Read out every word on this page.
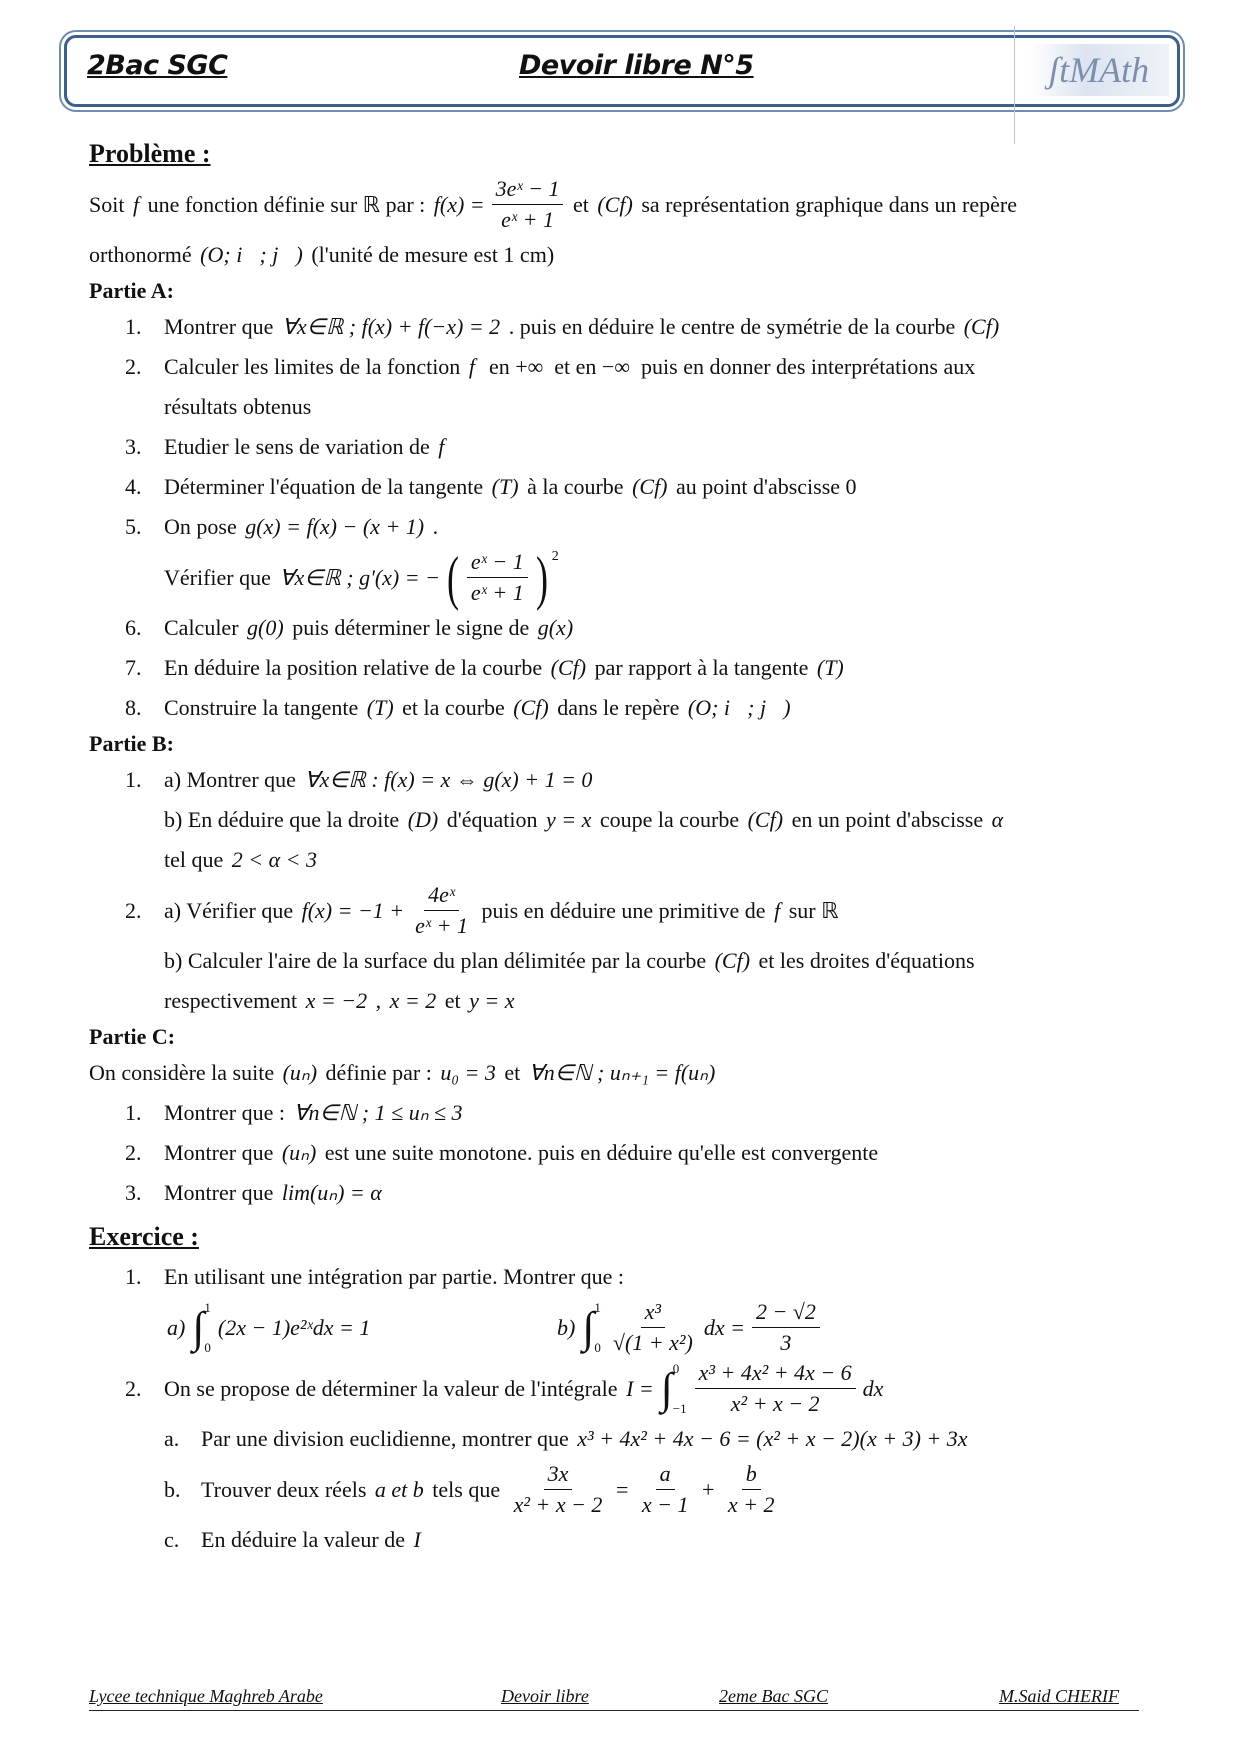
2Bac SGC	Devoir libre N°5	ʃtMAth
Problème :
Soit f une fonction définie sur ℝ par : $f(x) = \frac{\text{3eˣ − 1}}{\text{eˣ + 1}}$ et (Cf) sa représentation graphique dans un repère
orthonormé (O; i⃗; j⃗) (l'unité de mesure est 1 cm)
Partie A:
1. Montrer que ∀x∈ℝ ; f(x) + f(−x) = 2 . puis en déduire le centre de symétrie de la courbe (Cf)
2. Calculer les limites de la fonction f en +∞  et en −∞  puis en donner des interprétations aux
résultats obtenus
3. Etudier le sens de variation de f
4. Déterminer l'équation de la tangente (T) à la courbe (Cf) au point d'abscisse 0
5. On pose g(x) = f(x) − (x + 1) .
Vérifier que ∀x∈ℝ ; g'(x) = − ( $\frac{\text{eˣ − 1}}{\text{eˣ + 1}}$ ) 2
6. Calculer g(0) puis déterminer le signe de g(x)
7. En déduire la position relative de la courbe (Cf) par rapport à la tangente (T)
8. Construire la tangente (T) et la courbe (Cf) dans le repère (O; i⃗; j⃗)
Partie B:
1. a) Montrer que ∀x∈ℝ : f(x) = x ⇔ g(x) + 1 = 0
b) En déduire que la droite (D) d'équation y = x coupe la courbe (Cf) en un point d'abscisse α
tel que 2 < α < 3
2. a) Vérifier que $f(x) = -1 + \frac{\text{4eˣ}}{\text{eˣ + 1}}$ puis en déduire une primitive de f sur ℝ
b) Calculer l'aire de la surface du plan délimitée par la courbe (Cf) et les droites d'équations
respectivement x = −2 , x = 2 et y = x
Partie C:
On considère la suite (uₙ) définie par : u₀ = 3 et ∀n∈ℕ ; uₙ₊₁ = f(uₙ)
1. Montrer que : ∀n∈ℕ ; 1 ≤ uₙ ≤ 3
2. Montrer que (uₙ) est une suite monotone. puis en déduire qu'elle est convergente
3. Montrer que lim(uₙ) = α
Exercice :
1. En utilisant une intégration par partie. Montrer que :
a) ∫ 1
0
(2x − 1)e²ˣdx = 1	b) ∫ 1
$0 \frac{\text{x³}}{\text{√(1 + x²)}}$ dx = $\frac{2 - √2}{3}$
2. On se propose de déterminer la valeur de l'intégrale I = ∫ 0
$-1 \frac{\text{x³ + 4x² + 4x − 6}}{\text{x² + x − 2}}$ dx
a. Par une division euclidienne, montrer que x³ + 4x² + 4x − 6 = (x² + x − 2)(x + 3) + 3x
b. Trouver deux réels a et b tels que $\frac{3x}{\text{x² + x − 2}} = \frac{a}{x - 1} + \frac{b}{x + 2}$
c. En déduire la valeur de I
Lycee technique Maghreb Arabe	Devoir libre	2eme Bac SGC	M.Said CHERIF
